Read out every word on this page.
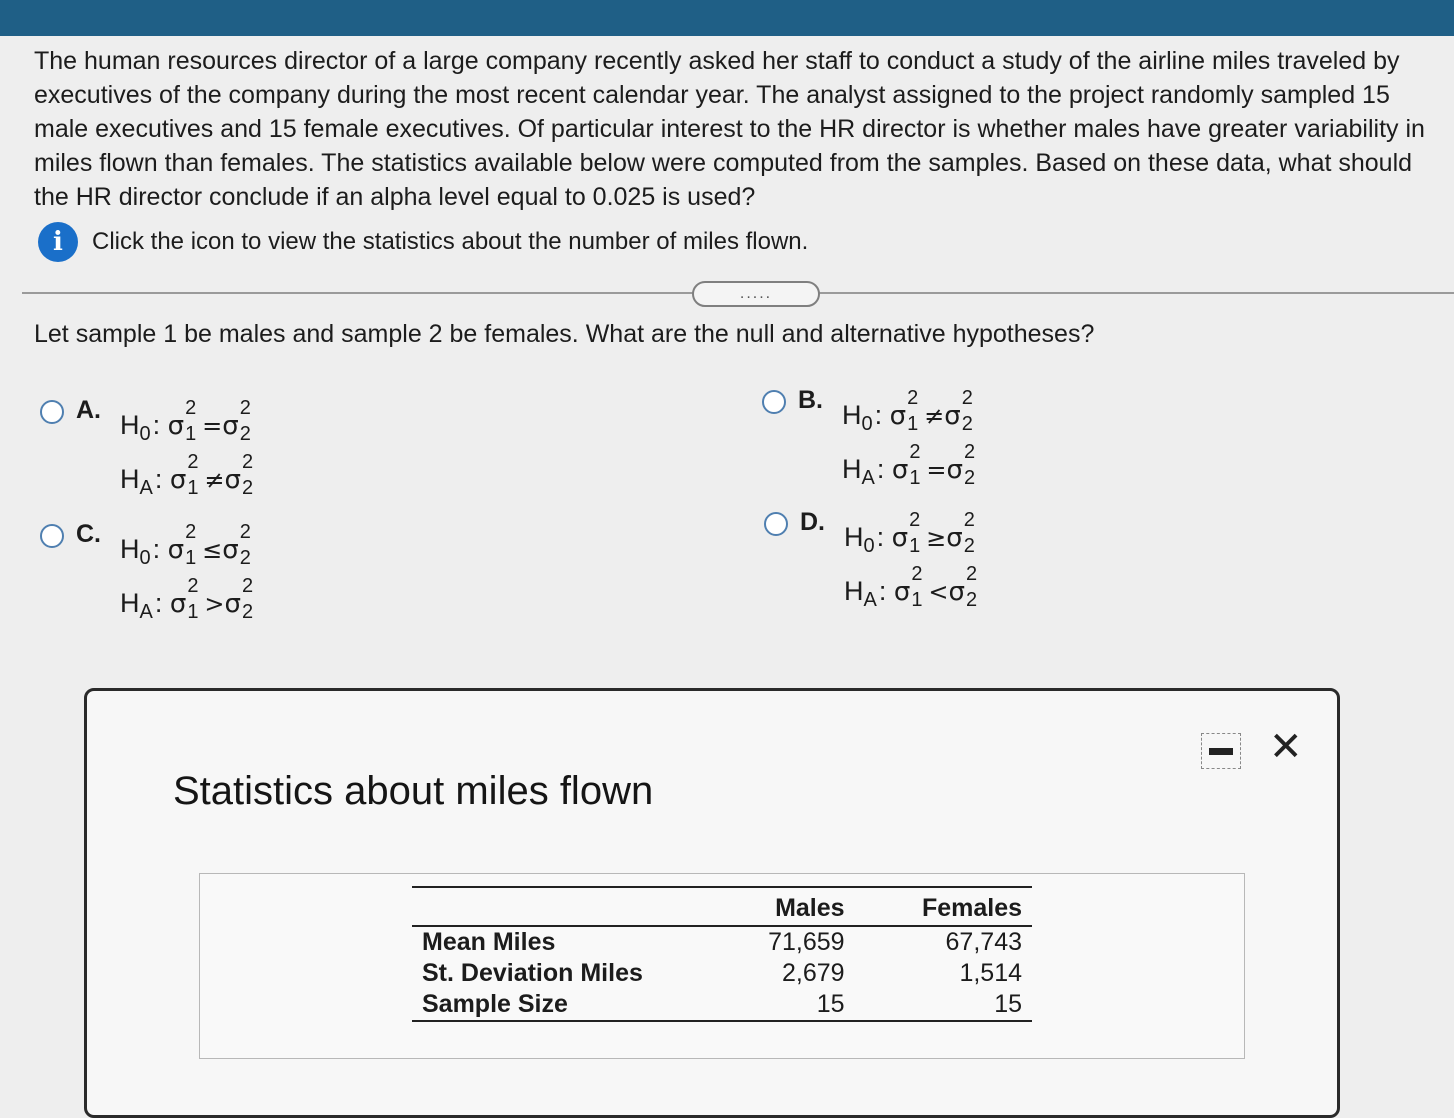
The human resources director of a large company recently asked her staff to conduct a study of the airline miles traveled by executives of the company during the most recent calendar year. The analyst assigned to the project randomly sampled 15 male executives and 15 female executives. Of particular interest to the HR director is whether males have greater variability in miles flown than females. The statistics available below were computed from the samples. Based on these data, what should the HR director conclude if an alpha level equal to 0.025 is used?

i	Click the icon to view the statistics about the number of miles flown.
.....
Let sample 1 be males and sample 2 be females. What are the null and alternative hypotheses?
A. $H_0$: σ
2
1 =σ
2
2
$H_A$: σ
2
1 ≠σ
2
2
B. $H_0$: σ
2
1 ≠σ
2
2
$H_A$: σ
2
1 =σ
2
2
C. $H_0$: σ
2
1 ≤σ
2
2
$H_A$: σ
2
1 >σ
2
2
D. $H_0$: σ
2
1 ≥σ
2
2
$H_A$: σ
2
1 <σ
2
2
Statistics about miles flown
✕
	Males	Females
Mean Miles	71,659	67,743
St. Deviation Miles	2,679	1,514
Sample Size	15	15
